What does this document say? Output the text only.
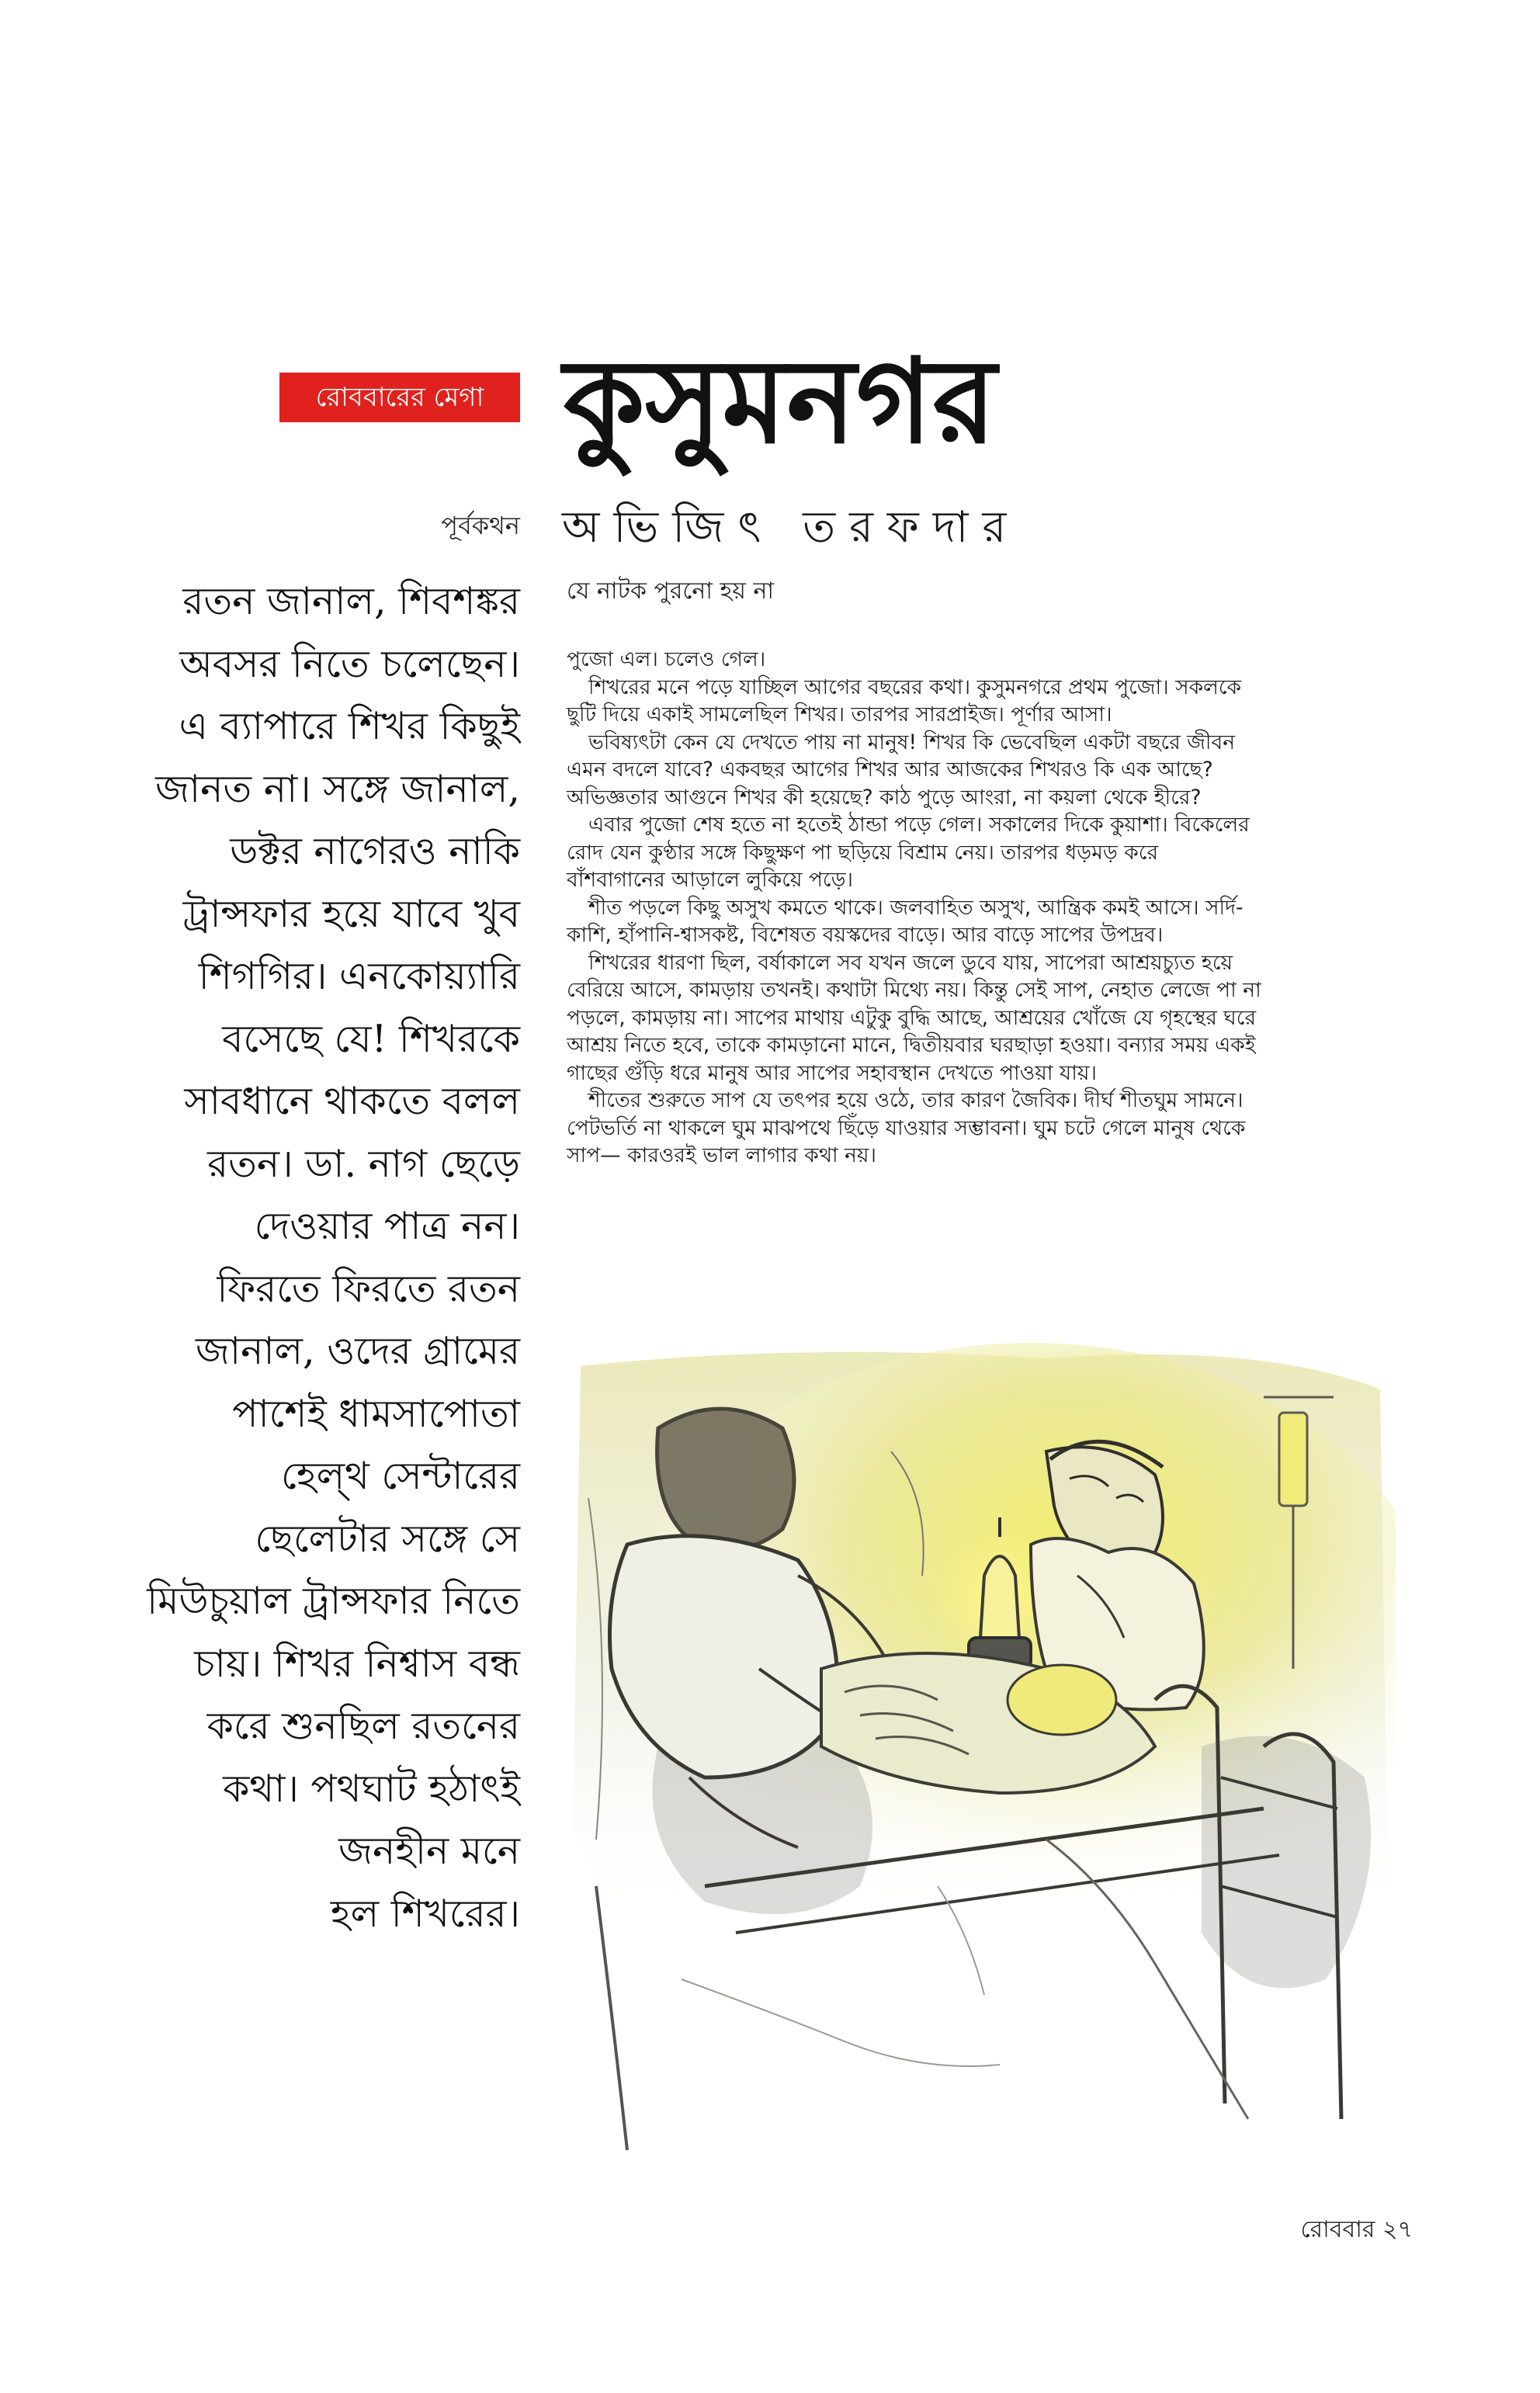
রোববারের মেগা কুসুমনগর
পূর্বকথন অভিজিৎ তরফদার
রতন জানাল, শিবশঙ্কর
অবসর নিতে চলেছেন।
এ ব্যাপারে শিখর কিছুই
জানত না। সঙ্গে জানাল,
ডক্টর নাগেরও নাকি
ট্রান্সফার হয়ে যাবে খুব
শিগগির। এনকোয়্যারি
বসেছে যে! শিখরকে
সাবধানে থাকতে বলল
রতন। ডা. নাগ ছেড়ে
দেওয়ার পাত্র নন।
ফিরতে ফিরতে রতন
জানাল, ওদের গ্রামের
পাশেই ধামসাপোতা
হেল্‌থ সেন্টারের
ছেলেটার সঙ্গে সে
মিউচুয়াল ট্রান্সফার নিতে
চায়। শিখর নিশ্বাস বন্ধ
করে শুনছিল রতনের
কথা। পথঘাট হঠাৎই
জনহীন মনে
হল শিখরের।
যে নাটক পুরনো হয় না
পুজো এল। চলেও গেল।
শিখরের মনে পড়ে যাচ্ছিল আগের বছরের কথা। কুসুমনগরে প্রথম পুজো। সকলকে
ছুটি দিয়ে একাই সামলেছিল শিখর। তারপর সারপ্রাইজ। পূর্ণার আসা।
ভবিষ্যৎটা কেন যে দেখতে পায় না মানুষ! শিখর কি ভেবেছিল একটা বছরে জীবন
এমন বদলে যাবে? একবছর আগের শিখর আর আজকের শিখরও কি এক আছে?
অভিজ্ঞতার আগুনে শিখর কী হয়েছে? কাঠ পুড়ে আংরা, না কয়লা থেকে হীরে?
এবার পুজো শেষ হতে না হতেই ঠান্ডা পড়ে গেল। সকালের দিকে কুয়াশা। বিকেলের
রোদ যেন কুণ্ঠার সঙ্গে কিছুক্ষণ পা ছড়িয়ে বিশ্রাম নেয়। তারপর ধড়মড় করে
বাঁশবাগানের আড়ালে লুকিয়ে পড়ে।
শীত পড়লে কিছু অসুখ কমতে থাকে। জলবাহিত অসুখ, আন্ত্রিক কমই আসে। সর্দি-
কাশি, হাঁপানি-শ্বাসকষ্ট, বিশেষত বয়স্কদের বাড়ে। আর বাড়ে সাপের উপদ্রব।
শিখরের ধারণা ছিল, বর্ষাকালে সব যখন জলে ডুবে যায়, সাপেরা আশ্রয়চ্যুত হয়ে
বেরিয়ে আসে, কামড়ায় তখনই। কথাটা মিথ্যে নয়। কিন্তু সেই সাপ, নেহাত লেজে পা না
পড়লে, কামড়ায় না। সাপের মাথায় এটুকু বুদ্ধি আছে, আশ্রয়ের খোঁজে যে গৃহস্থের ঘরে
আশ্রয় নিতে হবে, তাকে কামড়ানো মানে, দ্বিতীয়বার ঘরছাড়া হওয়া। বন্যার সময় একই
গাছের গুঁড়ি ধরে মানুষ আর সাপের সহাবস্থান দেখতে পাওয়া যায়।
শীতের শুরুতে সাপ যে তৎপর হয়ে ওঠে, তার কারণ জৈবিক। দীর্ঘ শীতঘুম সামনে।
পেটভর্তি না থাকলে ঘুম মাঝপথে ছিঁড়ে যাওয়ার সম্ভাবনা। ঘুম চটে গেলে মানুষ থেকে
সাপ— কারওরই ভাল লাগার কথা নয়।
রোববার ২৭
